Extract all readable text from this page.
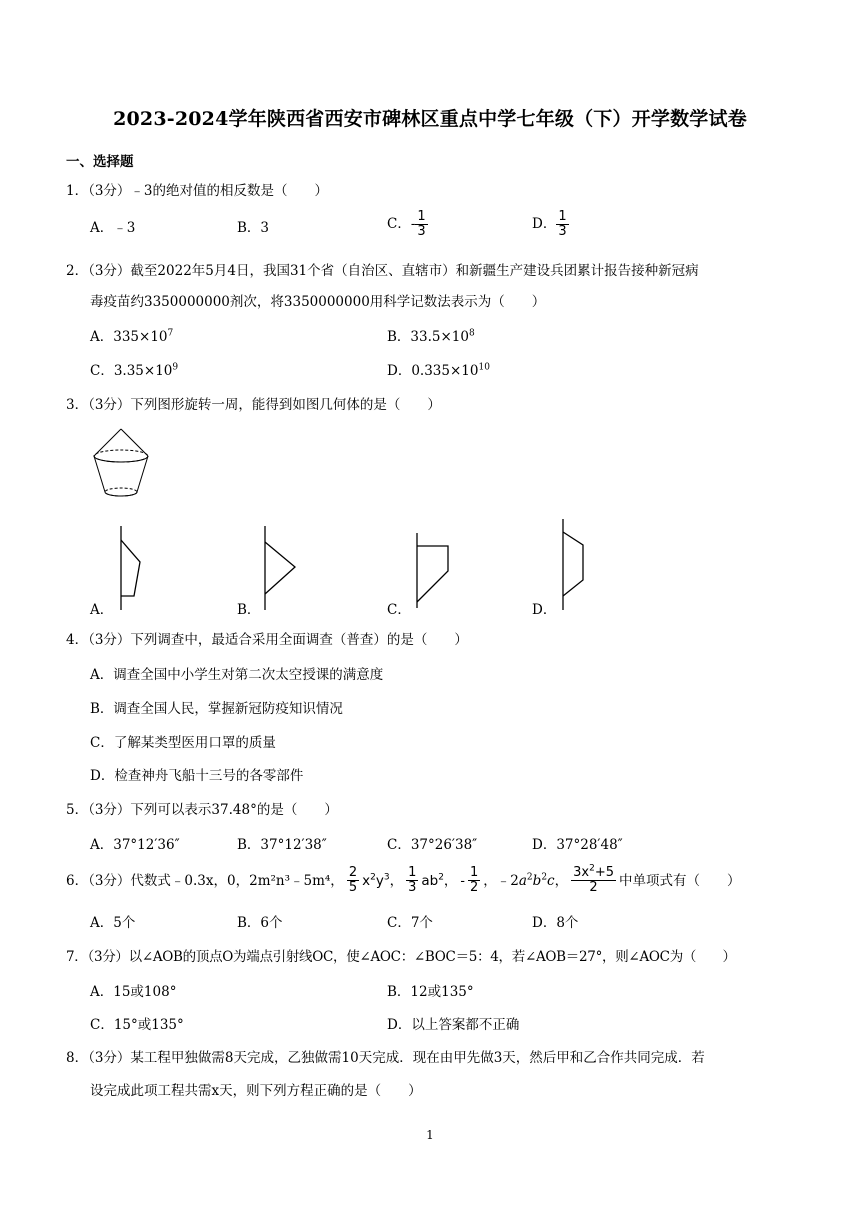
2023-2024学年陕西省西安市碑林区重点中学七年级（下）开学数学试卷
一、选择题
1．（3分）﹣3的绝对值的相反数是（　　）
A．﹣3	B．3	C．- $\frac{1}{3}$	D． $\frac{1}{3}$
2．（3分）截至2022年5月4日，我国31个省（自治区、直辖市）和新疆生产建设兵团累计报告接种新冠病
毒疫苗约3350000000剂次，将3350000000用科学记数法表示为（　　）
A．$335\times 10^7$	B．$33.5\times 10^8$
C．$3.35\times 10^9$	D．$0.335\times 10^{10}$
3．（3分）下列图形旋转一周，能得到如图几何体的是（　　）
A．	B．	C．	D．
4．（3分）下列调查中，最适合采用全面调查（普查）的是（　　）
A．调查全国中小学生对第二次太空授课的满意度
B．调查全国人民，掌握新冠防疫知识情况
C．了解某类型医用口罩的质量
D．检查神舟飞船十三号的各零部件
5．（3分）下列可以表示37.48°的是（　　）
A．37°12′36″	B．37°12′38″	C．37°26′38″	D．37°28′48″
6．（3分）代数式﹣0.3x，0，2m²n³﹣5m⁴， $\frac{2}{5} x^2y^3$， $\frac{1}{3} ab^2$， - $\frac{1}{2}$ ，$﹣2a^2b^2c$， $\frac{3x^2+5}{2}$ 中单项式有（　　）
A．5个	B．6个	C．7个	D．8个
7．（3分）以∠AOB的顶点O为端点引射线OC，使∠AOC：∠BOC＝5：4，若∠AOB＝27°，则∠AOC为（　　）
A．15或108°	B．12或135°
C．15°或135°	D．以上答案都不正确
8．（3分）某工程甲独做需8天完成，乙独做需10天完成．现在由甲先做3天，然后甲和乙合作共同完成．若
设完成此项工程共需x天，则下列方程正确的是（　　）
1
